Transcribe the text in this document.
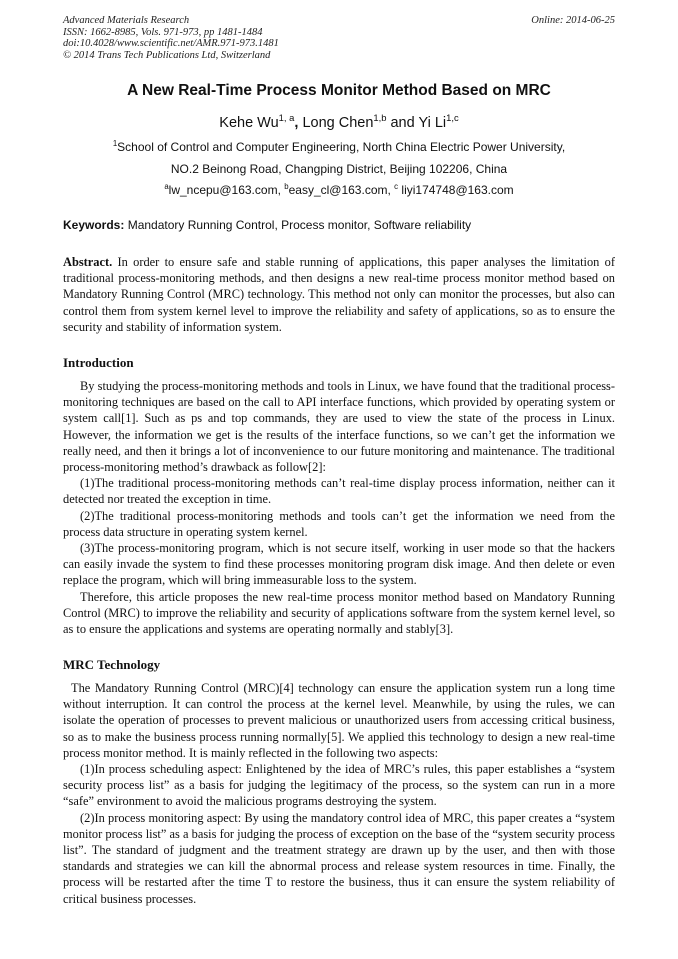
Advanced Materials Research
ISSN: 1662-8985, Vols. 971-973, pp 1481-1484
doi:10.4028/www.scientific.net/AMR.971-973.1481
© 2014 Trans Tech Publications Ltd, Switzerland
Online: 2014-06-25
A New Real-Time Process Monitor Method Based on MRC
Kehe Wu$^{1, a}$, Long Chen$^{1,b}$ and Yi Li$^{1,c}$
$^1$School of Control and Computer Engineering, North China Electric Power University,
NO.2 Beinong Road, Changping District, Beijing 102206, China
$^a$lw_ncepu@163.com, $^b$easy_cl@163.com, $^c$ liyi174748@163.com
Keywords: Mandatory Running Control, Process monitor, Software reliability

Abstract. In order to ensure safe and stable running of applications, this paper analyses the limitation of traditional process-monitoring methods, and then designs a new real-time process monitor method based on Mandatory Running Control (MRC) technology. This method not only can monitor the processes, but also can control them from system kernel level to improve the reliability and safety of applications, so as to ensure the security and stability of information system.

Introduction

By studying the process-monitoring methods and tools in Linux, we have found that the traditional process-monitoring techniques are based on the call to API interface functions, which provided by operating system or system call[1]. Such as ps and top commands, they are used to view the state of the process in Linux. However, the information we get is the results of the interface functions, so we can’t get the information we really need, and then it brings a lot of inconvenience to our future monitoring and maintenance. The traditional process-monitoring method’s drawback as follow[2]:

(1)The traditional process-monitoring methods can’t real-time display process information, neither can it detected nor treated the exception in time.

(2)The traditional process-monitoring methods and tools can’t get the information we need from the process data structure in operating system kernel.

(3)The process-monitoring program, which is not secure itself, working in user mode so that the hackers can easily invade the system to find these processes monitoring program disk image. And then delete or even replace the program, which will bring immeasurable loss to the system.

Therefore, this article proposes the new real-time process monitor method based on Mandatory Running Control (MRC) to improve the reliability and security of applications software from the system kernel level, so as to ensure the applications and systems are operating normally and stably[3].

MRC Technology

The Mandatory Running Control (MRC)[4] technology can ensure the application system run a long time without interruption. It can control the process at the kernel level. Meanwhile, by using the rules, we can isolate the operation of processes to prevent malicious or unauthorized users from accessing critical business, so as to make the business process running normally[5]. We applied this technology to design a new real-time process monitor method. It is mainly reflected in the following two aspects:

(1)In process scheduling aspect: Enlightened by the idea of MRC’s rules, this paper establishes a “system security process list” as a basis for judging the legitimacy of the process, so the system can run in a more “safe” environment to avoid the malicious programs destroying the system.

(2)In process monitoring aspect: By using the mandatory control idea of MRC, this paper creates a “system monitor process list” as a basis for judging the process of exception on the base of the “system security process list”. The standard of judgment and the treatment strategy are drawn up by the user, and then with those standards and strategies we can kill the abnormal process and release system resources in time. Finally, the process will be restarted after the time T to restore the business, thus it can ensure the system reliability of critical business processes.
